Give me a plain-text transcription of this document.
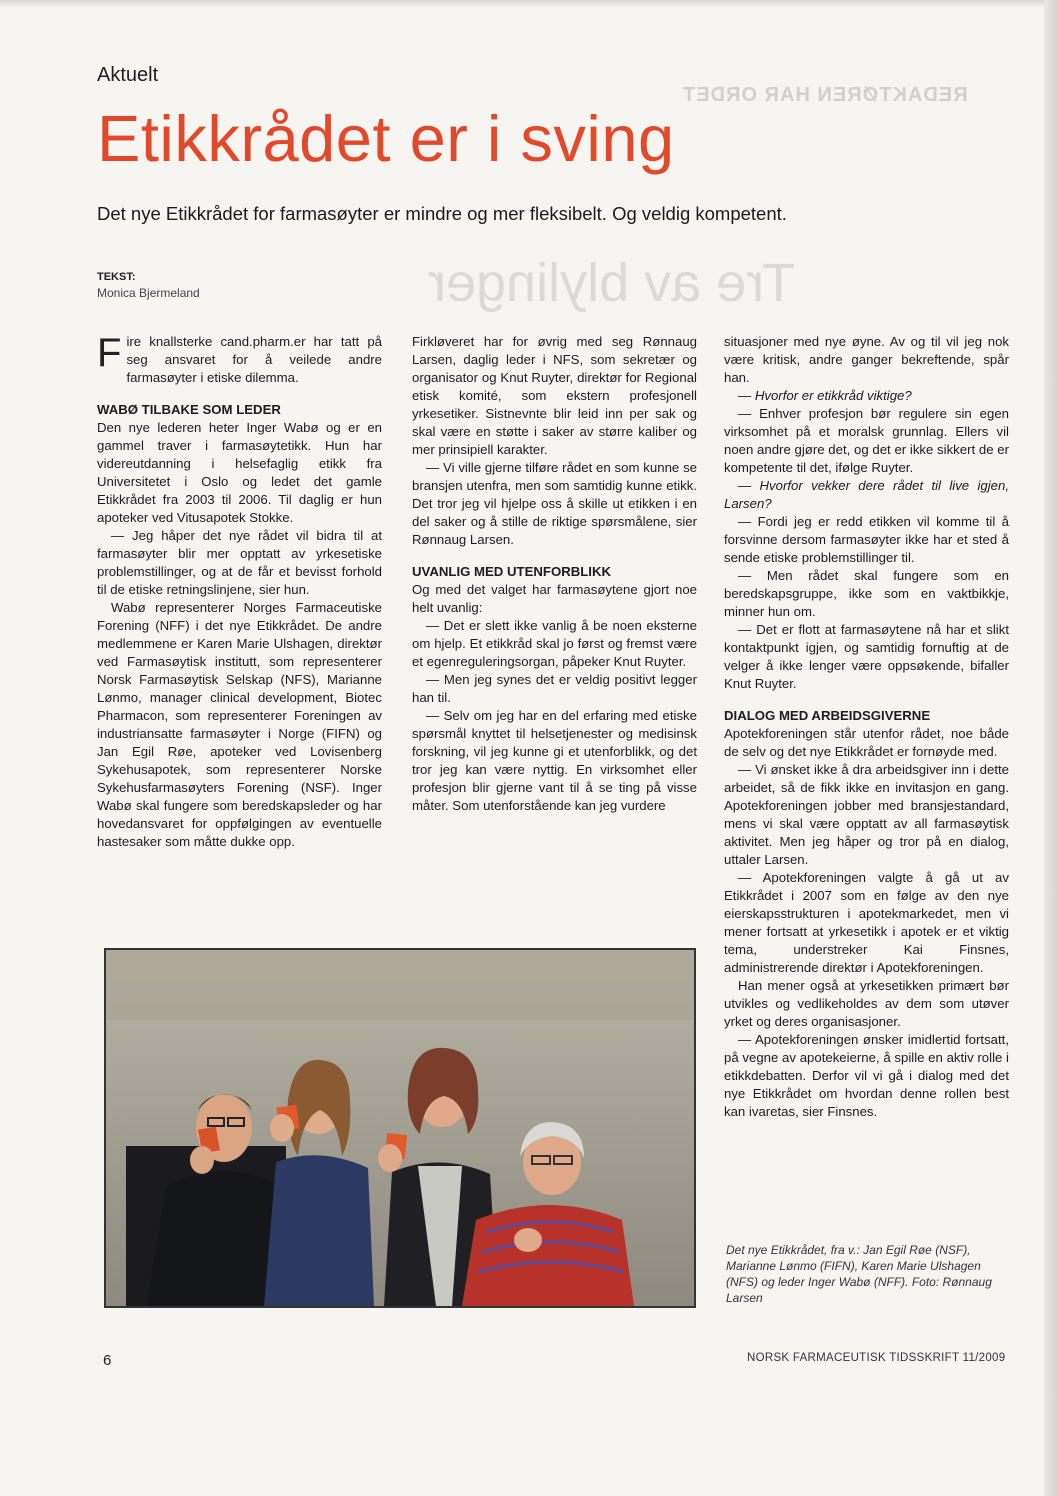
REDAKTØREN HAR ORDET
Tre av blylinger
Aktuelt
Etikkrådet er i sving
Det nye Etikkrådet for farmasøyter er mindre og mer fleksibelt. Og veldig kompetent.
TEKST:
Monica Bjermeland

Fire knallsterke cand.pharm.er har tatt på seg ansvaret for å veilede andre farmasøyter i etiske dilemma.

WABØ TILBAKE SOM LEDER

Den nye lederen heter Inger Wabø og er en gammel traver i farmasøytetikk. Hun har videreutdanning i helsefaglig etikk fra Universitetet i Oslo og ledet det gamle Etikkrådet fra 2003 til 2006. Til daglig er hun apoteker ved Vitusapotek Stokke.

— Jeg håper det nye rådet vil bidra til at farmasøyter blir mer opptatt av yrkesetiske problemstillinger, og at de får et bevisst forhold til de etiske retningslinjene, sier hun.

Wabø representerer Norges Farmaceutiske Forening (NFF) i det nye Etikkrådet. De andre medlemmene er Karen Marie Ulshagen, direktør ved Farmasøytisk institutt, som representerer Norsk Farmasøytisk Selskap (NFS), Marianne Lønmo, manager clinical development, Biotec Pharmacon, som representerer Foreningen av industriansatte farmasøyter i Norge (FIFN) og Jan Egil Røe, apoteker ved Lovisenberg Sykehusapotek, som representerer Norske Sykehusfarmasøyters Forening (NSF). Inger Wabø skal fungere som beredskapsleder og har hovedansvaret for oppfølgingen av eventuelle hastesaker som måtte dukke opp.

Firkløveret har for øvrig med seg Rønnaug Larsen, daglig leder i NFS, som sekretær og organisator og Knut Ruyter, direktør for Regional etisk komité, som ekstern profesjonell yrkesetiker. Sistnevnte blir leid inn per sak og skal være en støtte i saker av større kaliber og mer prinsipiell karakter.

— Vi ville gjerne tilføre rådet en som kunne se bransjen utenfra, men som samtidig kunne etikk. Det tror jeg vil hjelpe oss å skille ut etikken i en del saker og å stille de riktige spørsmålene, sier Rønnaug Larsen.

UVANLIG MED UTENFORBLIKK

Og med det valget har farmasøytene gjort noe helt uvanlig:

— Det er slett ikke vanlig å be noen eksterne om hjelp. Et etikkråd skal jo først og fremst være et egenreguleringsorgan, påpeker Knut Ruyter.

— Men jeg synes det er veldig positivt legger han til.

— Selv om jeg har en del erfaring med etiske spørsmål knyttet til helsetjenester og medisinsk forskning, vil jeg kunne gi et utenforblikk, og det tror jeg kan være nyttig. En virksomhet eller profesjon blir gjerne vant til å se ting på visse måter. Som utenforstående kan jeg vurdere

situasjoner med nye øyne. Av og til vil jeg nok være kritisk, andre ganger bekreftende, spår han.

— Hvorfor er etikkråd viktige?

— Enhver profesjon bør regulere sin egen virksomhet på et moralsk grunnlag. Ellers vil noen andre gjøre det, og det er ikke sikkert de er kompetente til det, ifølge Ruyter.

— Hvorfor vekker dere rådet til live igjen, Larsen?

— Fordi jeg er redd etikken vil komme til å forsvinne dersom farmasøyter ikke har et sted å sende etiske problemstillinger til.

— Men rådet skal fungere som en beredskapsgruppe, ikke som en vaktbikkje, minner hun om.

— Det er flott at farmasøytene nå har et slikt kontaktpunkt igjen, og samtidig fornuftig at de velger å ikke lenger være oppsøkende, bifaller Knut Ruyter.

DIALOG MED ARBEIDSGIVERNE

Apotekforeningen står utenfor rådet, noe både de selv og det nye Etikkrådet er fornøyde med.

— Vi ønsket ikke å dra arbeidsgiver inn i dette arbeidet, så de fikk ikke en invitasjon en gang. Apotekforeningen jobber med bransjestandard, mens vi skal være opptatt av all farmasøytisk aktivitet. Men jeg håper og tror på en dialog, uttaler Larsen.

— Apotekforeningen valgte å gå ut av Etikkrådet i 2007 som en følge av den nye eierskapsstrukturen i apotekmarkedet, men vi mener fortsatt at yrkesetikk i apotek er et viktig tema, understreker Kai Finsnes, administrerende direktør i Apotekforeningen.

Han mener også at yrkesetikken primært bør utvikles og vedlikeholdes av dem som utøver yrket og deres organisasjoner.

— Apotekforeningen ønsker imidlertid fortsatt, på vegne av apotekeierne, å spille en aktiv rolle i etikkdebatten. Derfor vil vi gå i dialog med det nye Etikkrådet om hvordan denne rollen best kan ivaretas, sier Finsnes.

Det nye Etikkrådet, fra v.: Jan Egil Røe (NSF), Marianne Lønmo (FIFN), Karen Marie Ulshagen (NFS) og leder Inger Wabø (NFF). Foto: Rønnaug Larsen
6	NORSK FARMACEUTISK TIDSSKRIFT 11/2009
